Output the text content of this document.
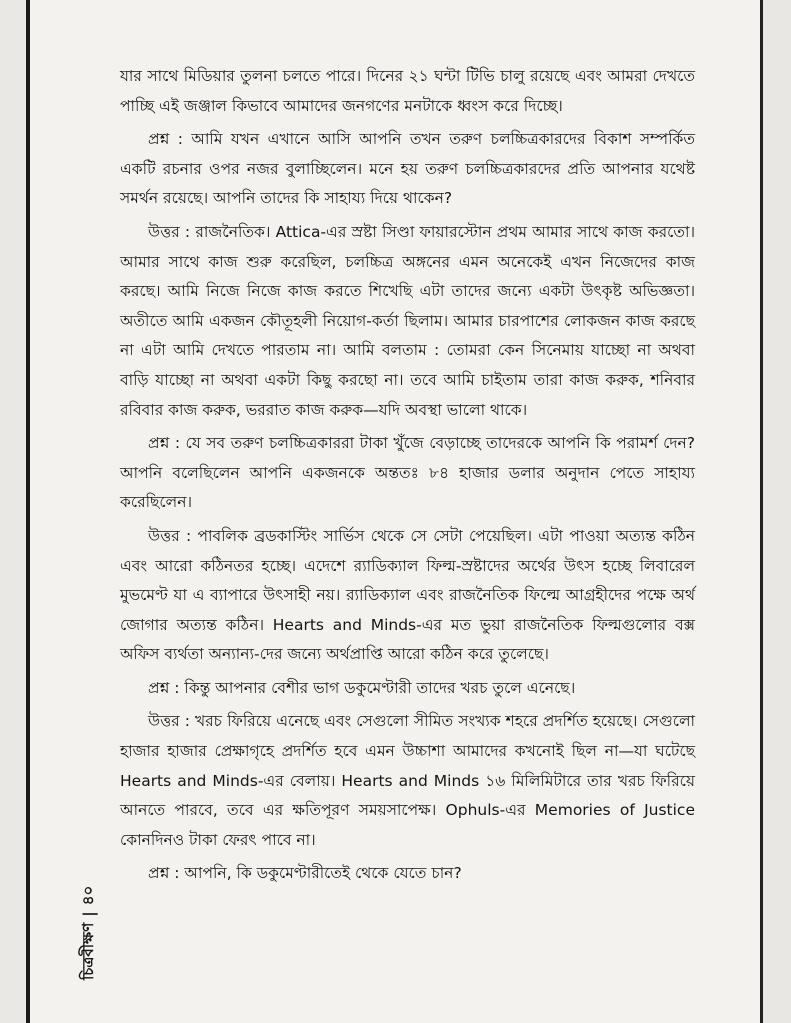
যার সাথে মিডিয়ার তুলনা চলতে পারে। দিনের ২১ ঘন্টা টিভি চালু রয়েছে এবং আমরা দেখতে পাচ্ছি এই জঞ্জাল কিভাবে আমাদের জনগণের মনটাকে ধ্বংস করে দিচ্ছে।

প্রশ্ন : আমি যখন এখানে আসি আপনি তখন তরুণ চলচ্চিত্রকারদের বিকাশ সম্পর্কিত একটি রচনার ওপর নজর বুলাচ্ছিলেন। মনে হয় তরুণ চলচ্চিত্রকারদের প্রতি আপনার যথেষ্ট সমর্থন রয়েছে। আপনি তাদের কি সাহায্য দিয়ে থাকেন?

উত্তর : রাজনৈতিক। Attica-এর স্রষ্টা সিণ্ডা ফায়ারস্টোন প্রথম আমার সাথে কাজ করতো। আমার সাথে কাজ শুরু করেছিল, চলচ্চিত্র অঙ্গনের এমন অনেকেই এখন নিজেদের কাজ করছে। আমি নিজে নিজে কাজ করতে শিখেছি এটা তাদের জন্যে একটা উৎকৃষ্ট অভিজ্ঞতা। অতীতে আমি একজন কৌতূহলী নিয়োগ-কর্তা ছিলাম। আমার চারপাশের লোকজন কাজ করছে না এটা আমি দেখতে পারতাম না। আমি বলতাম : তোমরা কেন সিনেমায় যাচ্ছো না অথবা বাড়ি যাচ্ছো না অথবা একটা কিছু করছো না। তবে আমি চাইতাম তারা কাজ করুক, শনিবার রবিবার কাজ করুক, ভররাত কাজ করুক—যদি অবস্থা ভালো থাকে।

প্রশ্ন : যে সব তরুণ চলচ্চিত্রকাররা টাকা খুঁজে বেড়াচ্ছে তাদেরকে আপনি কি পরামর্শ দেন? আপনি বলেছিলেন আপনি একজনকে অন্ততঃ ৮৪ হাজার ডলার অনুদান পেতে সাহায্য করেছিলেন।

উত্তর : পাবলিক ব্রডকাস্টিং সার্ভিস থেকে সে সেটা পেয়েছিল। এটা পাওয়া অত্যন্ত কঠিন এবং আরো কঠিনতর হচ্ছে। এদেশে র‍্যাডিক্যাল ফিল্ম-স্রষ্টাদের অর্থের উৎস হচ্ছে লিবারেল মুভমেণ্ট যা এ ব্যাপারে উৎসাহী নয়। র‍্যাডিক্যাল এবং রাজনৈতিক ফিল্মে আগ্রহীদের পক্ষে অর্থ জোগার অত্যন্ত কঠিন। Hearts and Minds-এর মত ভুয়া রাজনৈতিক ফিল্মগুলোর বক্স অফিস ব্যর্থতা অন্যান্য-দের জন্যে অর্থপ্রাপ্তি আরো কঠিন করে তুলেছে।

প্রশ্ন : কিন্তু আপনার বেশীর ভাগ ডকুমেণ্টারী তাদের খরচ তুলে এনেছে।

উত্তর : খরচ ফিরিয়ে এনেছে এবং সেগুলো সীমিত সংখ্যক শহরে প্রদর্শিত হয়েছে। সেগুলো হাজার হাজার প্রেক্ষাগৃহে প্রদর্শিত হবে এমন উচ্চাশা আমাদের কখনোই ছিল না—যা ঘটেছে Hearts and Minds-এর বেলায়। Hearts and Minds ১৬ মিলিমিটারে তার খরচ ফিরিয়ে আনতে পারবে, তবে এর ক্ষতিপূরণ সময়সাপেক্ষ। Ophuls-এর Memories of Justice কোনদিনও টাকা ফেরৎ পাবে না।

প্রশ্ন : আপনি, কি ডকুমেণ্টারীতেই থেকে যেতে চান?

চিত্রবীক্ষণ
|
৪০
